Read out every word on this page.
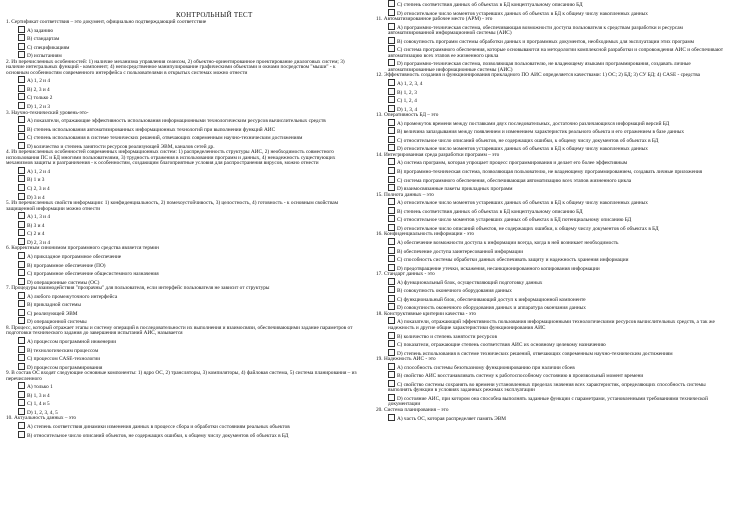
КОНТРОЛЬНЫЙ ТЕСТ
1. Сертификат соответствия – это документ, официально подтверждающий соответствие
А) заданию
B) стандартам
C) спецификациям
D) испытаниям
2. Из перечисленных особенностей: 1) наличие механизма управления сеансом, 2) объектно-ориентированное проектирование диалоговых систем; 3) наличие интегральных функций - компонент; 4) непосредственное манипулирование графическими объектами и окнами посредством "мыши" - к основным особенностям современного интерфейса с пользователями в открытых системах можно отнести
A) 1, 2 и 4
B) 2, 3 и 4
C) только 2
D) 1, 2 и 3
3. Научно-технический уровень-это-
A) показатели, отражающие эффективность использования информационными технологическим ресурсов вычислительных средств
B) степень использования автоматизированных информационных технологий при выполнении функций АИС
C) степень использования в системе технических решений, отвечающих современным научно-техническим достижениям
D) количество и степень занятости ресурсов реализующей ЭВМ, каналов сетей др.
4. Из перечисленных особенностей современных информационных систем: 1) распределенность структуры АИС, 2) необходимость совместного использования ПС и БД многими пользователями, 3) трудность отражения в использовании программ и данных, 4) ненадежность существующих механизмов защиты и разграничения - к особенностям, создающим благоприятные условия для распространения вирусов, можно отнести
A) 1, 2 и 4
B) 1 и 3
C) 2, 3 и 4
D) 3 и 4
5. Из перечисленных свойств информации: 1) конфиденциальность, 2) помехоустойчивость, 3) целостность, 4) готовность - к основным свойствам защищенной информации можно отнести
A) 1, 3 и 4
B) 3 и 4
C) 2 и 4
D) 2, 3 и 4
6. Корректным синонимом программного средства является термин
A) прикладное программное обеспечение
B) программное обеспечение (ПО)
C) программное обеспечение общесистемного назначения
D) операционные системы (ОС)
7. Процедуры взаимодействия "прозрачны" для пользователя, если интерфейс пользователя не зависит от структуры
A) любого промежуточного интерфейса
B) прикладной системы
C) реализующей ЭВМ
D) операционной системы
8. Процесс, который отражает этапы и систему операций в последовательности их выполнения и взаимосвязи, обеспечивающими задание параметров от подготовки технического задания до завершения испытаний АИС, называется
A) процессом программной инженерии
B) технологическим процессом
C) процессом CASE-технологии
D) процессом программирования
9. В состав ОС входят следующие основные компоненты: 1) ядро ОС, 2) трансляторы, 3) компиляторы, 4) файловая система, 5) система планирования – из перечисленного
A) только 1
B) 1, 3 и 4
C) 1, 4 и 5
D) 1, 2, 3, 4, 5
10. Актуальность данных – это
A) степень соответствия динамики изменения данных в процессе сбора и обработки состояниям реальных объектов
B) относительное число описаний объектов, не содержащих ошибки, к общему числу документов об объектах в БД
C) степень соответствия данных об объектах в БД концептуальному описанию БД
D) относительное число моментов устаревших данных об объектах в БД к общему числу накопленных данных
11. Автоматизированное рабочее место (АРМ) - это
A) программно-техническая система, обеспечивающая возможности доступа пользователя к средствам разработки и ресурсам автоматизированной информационной системы (АИС)
B) совокупность программ системы обработки данных и программных документов, необходимых для эксплуатации этих программ
C) система программного обеспечения, которые основываются на методологии комплексной разработки и сопровождения АИС и обеспечивают автоматизацию всех этапов ее жизненного цикла
D) программно-техническая система, позволяющая пользователю, не владеющему языками программирования, создавать личные автоматизированные информационные системы (АИС)
12. Эффективность создания и функционирования прикладного ПО АИС определяется качествами: 1) ОС; 2) БД; 3) СУ БД; 4) CASE - средства
A) 1, 2, 3, 4
B) 1, 2, 3
C) 1, 2, 4
D) 1, 3, 4
13. Оперативность БД – это
A) промежуток времени между поставками двух последовательных, достаточно различающихся информаций версий БД
B) величина запаздывания между появлением и изменением характеристик реального объекта и его отражением в базе данных
C) относительное число описаний объектов, не содержащих ошибки, к общему числу документов об объектах в БД
D) относительное число моментов устаревших данных об объектах в БД к общему числу накопленных данных
14. Интегрированная среда разработки программ – это
A) система программ, которая упрощает процесс программирования и делает его более эффективным
B) программно-техническая система, позволяющая пользователю, не владеющему программированием, создавать личные приложения
C) система программного обеспечения, обеспечивающая автоматизацию всех этапов жизненного цикла
D) взаимосвязанные пакеты прикладных программ
15. Полнота данных – это
A) относительное число моментов устаревших данных об объектах в БД к общему числу накопленных данных
B) степень соответствия данных об объектах в БД концептуальному описанию БД
C) относительное число моментов устаревших данных об объектах в БД потенциальному описанию БД
D) относительное число описаний объектов, не содержащих ошибки, к общему числу документов об объектах в БД
16. Конфиденциальность информации - это
A) обеспечение возможности доступа к информации всегда, когда в ней возникает необходимость
B) обеспечение доступа заинтересованной информации
C) способность системы обработки данных обеспечивать защиту и надежность хранения информации
D) предотвращение утечки, искажения, несанкционированного копирования информации
17. Стандарт данных - это
A) функциональный блок, осуществляющий подготовку данных
B) совокупность оконечного оборудования данных
C) функциональный блок, обеспечивающий доступ к информационной компоненте
D) совокупность оконечного оборудования данных и аппаратура окончания данных
18. Конструктивные критерии качества - это
A) показатели, отражающий эффективность пользования информационными технологическими ресурсов вычислительных средств, а так же надежность и другие общие характеристики функционирования АИС
B) количество и степень занятости ресурсов
C) показатели, отражающие степень соответствия АИС их основному целевому назначению
D) степень использования в системе технических решений, отвечающих современным научно-техническим достижениям
19. Надежность АИС - это
A) способность системы безотказному функционированию при наличии сбоев
B) свойство АИС восстанавливать систему к работоспособному состоянию в произвольный момент времени
C) свойство системы сохранять во времени установленных пределах значения всех характеристик, определяющих способность системы выполнять функции в условиях заданных режимах эксплуатации
D) состояние АИС, при котором она способна выполнять заданные функции с параметрами, установленными требованиями технической документации
20. Система планирования – это
A) часть ОС, которая распределяет память ЭВМ
